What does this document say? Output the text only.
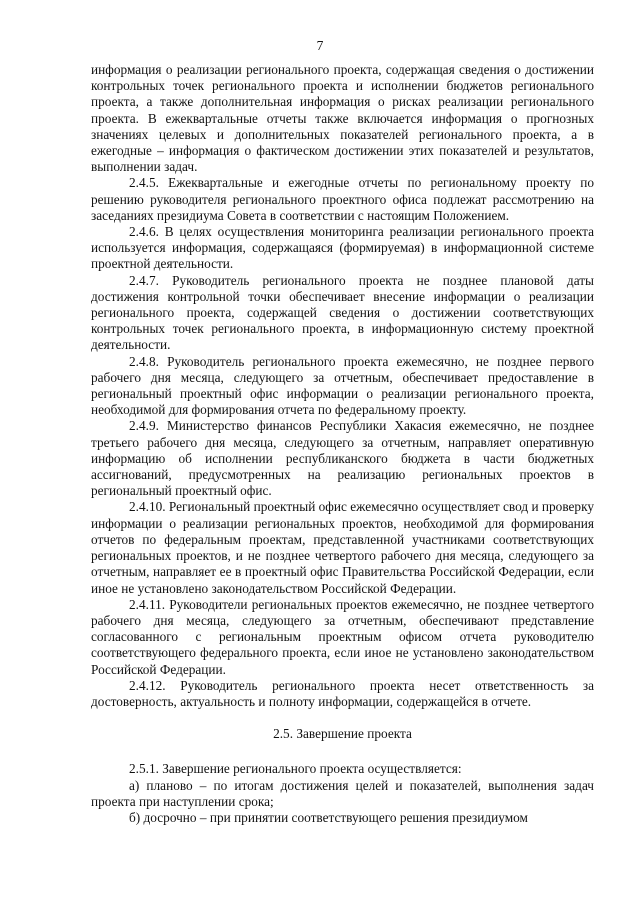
7

информация о реализации регионального проекта, содержащая сведения о достижении контрольных точек регионального проекта и исполнении бюджетов регионального проекта, а также дополнительная информация о рисках реализации регионального проекта. В ежеквартальные отчеты также включается информация о прогнозных значениях целевых и дополнительных показателей регионального проекта, а в ежегодные – информация о фактическом достижении этих показателей и результатов, выполнении задач.

2.4.5. Ежеквартальные и ежегодные отчеты по региональному проекту по решению руководителя регионального проектного офиса подлежат рассмотрению на заседаниях президиума Совета в соответствии с настоящим Положением.

2.4.6. В целях осуществления мониторинга реализации регионального проекта используется информация, содержащаяся (формируемая) в информационной системе проектной деятельности.

2.4.7. Руководитель регионального проекта не позднее плановой даты достижения контрольной точки обеспечивает внесение информации о реализации регионального проекта, содержащей сведения о достижении соответствующих контрольных точек регионального проекта, в информационную систему проектной деятельности.

2.4.8. Руководитель регионального проекта ежемесячно, не позднее первого рабочего дня месяца, следующего за отчетным, обеспечивает предоставление в региональный проектный офис информации о реализации регионального проекта, необходимой для формирования отчета по федеральному проекту.

2.4.9. Министерство финансов Республики Хакасия ежемесячно, не позднее третьего рабочего дня месяца, следующего за отчетным, направляет оперативную информацию об исполнении республиканского бюджета в части бюджетных ассигнований, предусмотренных на реализацию региональных проектов в региональный проектный офис.

2.4.10. Региональный проектный офис ежемесячно осуществляет свод и проверку информации о реализации региональных проектов, необходимой для формирования отчетов по федеральным проектам, представленной участниками соответствующих региональных проектов, и не позднее четвертого рабочего дня месяца, следующего за отчетным, направляет ее в проектный офис Правительства Российской Федерации, если иное не установлено законодательством Российской Федерации.

2.4.11. Руководители региональных проектов ежемесячно, не позднее четвертого рабочего дня месяца, следующего за отчетным, обеспечивают представление согласованного с региональным проектным офисом отчета руководителю соответствующего федерального проекта, если иное не установлено законодательством Российской Федерации.

2.4.12. Руководитель регионального проекта несет ответственность за достоверность, актуальность и полноту информации, содержащейся в отчете.

2.5. Завершение проекта

2.5.1. Завершение регионального проекта осуществляется:

а) планово – по итогам достижения целей и показателей, выполнения задач проекта при наступлении срока;

б) досрочно – при принятии соответствующего решения президиумом
